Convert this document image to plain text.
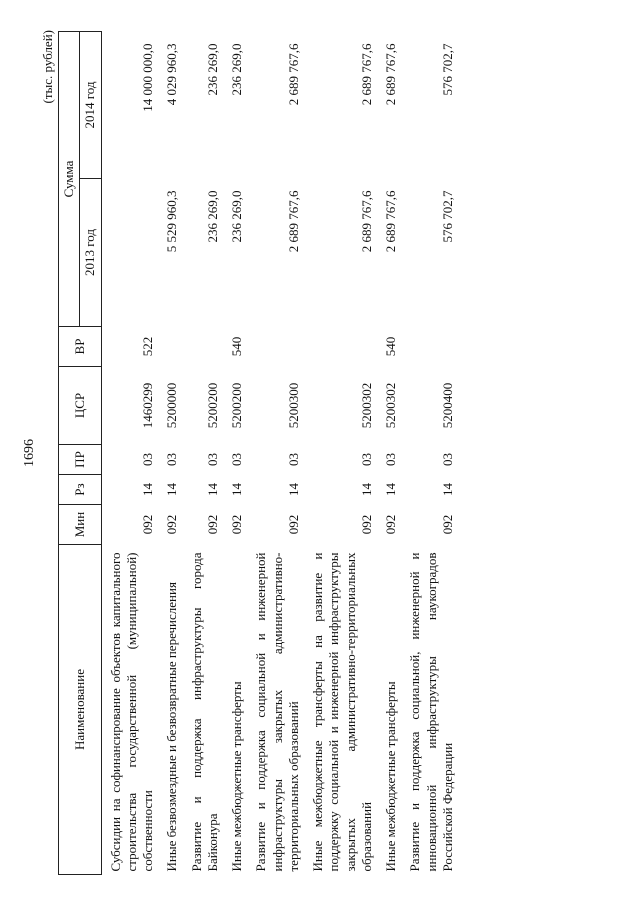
1696
(тыс. рублей)
Наименование	Мин	Рз	ПР	ЦСР	ВР	Сумма	
						2013 год	2014 год
Субсидии на софинансирование объектов капитального строительства государственной (муниципальной) собственности	092	14	03	1460299	522		14 000 000,0
Иные безвозмездные и безвозвратные перечисления	092	14	03	5200000		5 529 960,3	4 029 960,3
Развитие и поддержка инфраструктуры города Байконура	092	14	03	5200200		236 269,0	236 269,0
Иные межбюджетные трансферты	092	14	03	5200200	540	236 269,0	236 269,0
Развитие и поддержка социальной и инженерной инфраструктуры закрытых административно-территориальных образований	092	14	03	5200300		2 689 767,6	2 689 767,6
Иные межбюджетные трансферты на развитие и поддержку социальной и инженерной инфраструктуры закрытых административно-территориальных образований	092	14	03	5200302		2 689 767,6	2 689 767,6
Иные межбюджетные трансферты	092	14	03	5200302	540	2 689 767,6	2 689 767,6
Развитие и поддержка социальной, инженерной и инновационной инфраструктуры наукоградов Российской Федерации	092	14	03	5200400		576 702,7	576 702,7
